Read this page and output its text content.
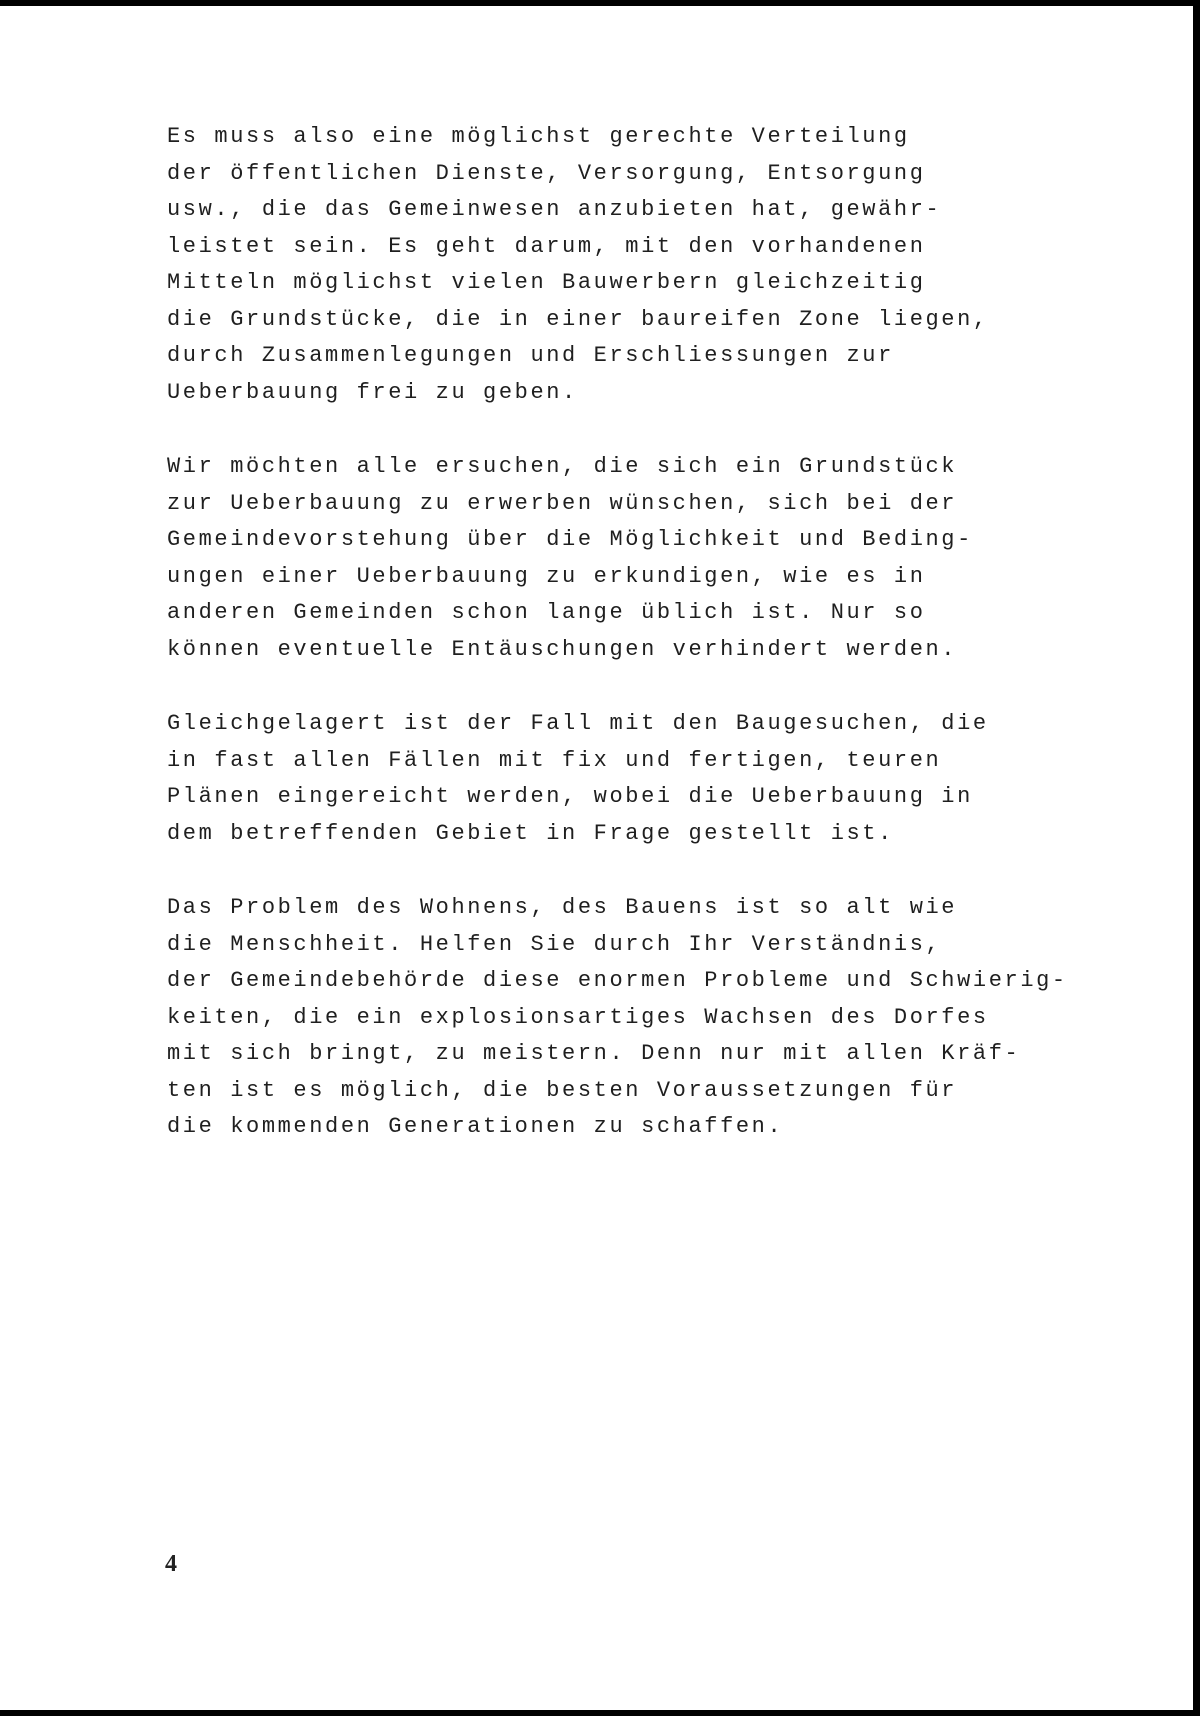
Es muss also eine möglichst gerechte Verteilung
der öffentlichen Dienste, Versorgung, Entsorgung
usw., die das Gemeinwesen anzubieten hat, gewähr-
leistet sein. Es geht darum, mit den vorhandenen
Mitteln möglichst vielen Bauwerbern gleichzeitig
die Grundstücke, die in einer baureifen Zone liegen,
durch Zusammenlegungen und Erschliessungen zur
Ueberbauung frei zu geben.
Wir möchten alle ersuchen, die sich ein Grundstück
zur Ueberbauung zu erwerben wünschen, sich bei der
Gemeindevorstehung über die Möglichkeit und Beding-
ungen einer Ueberbauung zu erkundigen, wie es in
anderen Gemeinden schon lange üblich ist. Nur so
können eventuelle Entäuschungen verhindert werden.
Gleichgelagert ist der Fall mit den Baugesuchen, die
in fast allen Fällen mit fix und fertigen, teuren
Plänen eingereicht werden, wobei die Ueberbauung in
dem betreffenden Gebiet in Frage gestellt ist.
Das Problem des Wohnens, des Bauens ist so alt wie
die Menschheit. Helfen Sie durch Ihr Verständnis,
der Gemeindebehörde diese enormen Probleme und Schwierig-
keiten, die ein explosionsartiges Wachsen des Dorfes
mit sich bringt, zu meistern. Denn nur mit allen Kräf-
ten ist es möglich, die besten Voraussetzungen für
die kommenden Generationen zu schaffen.
4
